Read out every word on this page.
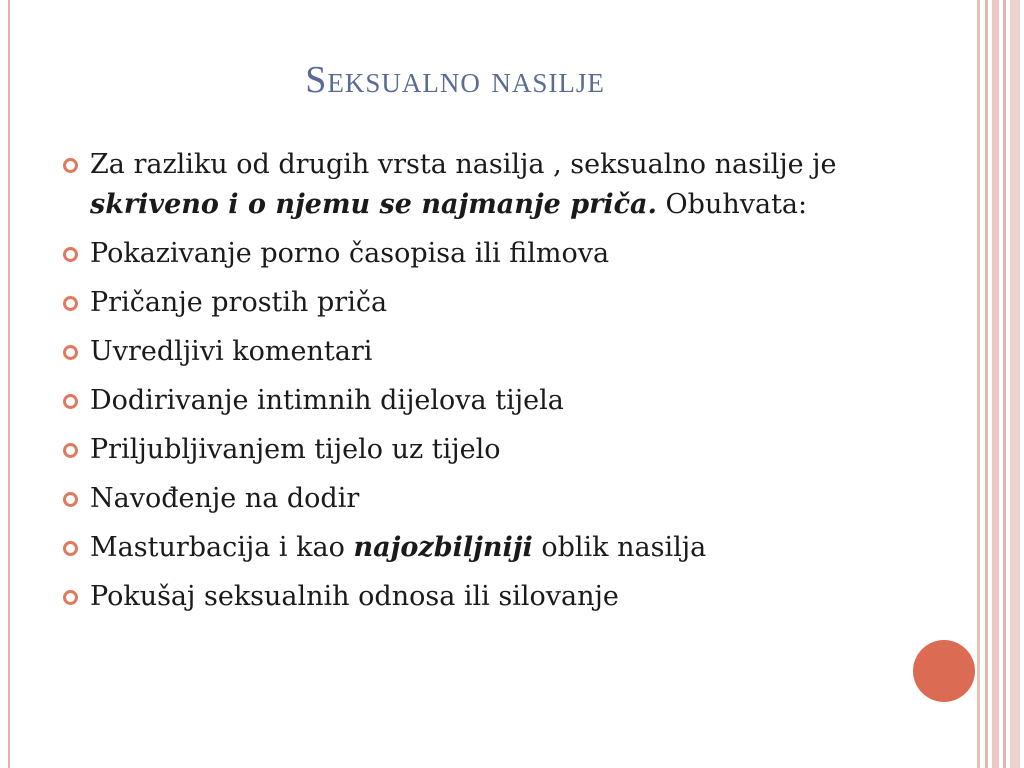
Seksualno nasilje
Za razliku od drugih vrsta nasilja , seksualno nasilje je skriveno i o njemu se najmanje priča. Obuhvata:
Pokazivanje porno časopisa ili filmova
Pričanje prostih priča
Uvredljivi komentari
Dodirivanje intimnih dijelova tijela
Priljubljivanjem tijelo uz tijelo
Navođenje na dodir
Masturbacija i kao najozbiljniji oblik nasilja
Pokušaj seksualnih odnosa ili silovanje
